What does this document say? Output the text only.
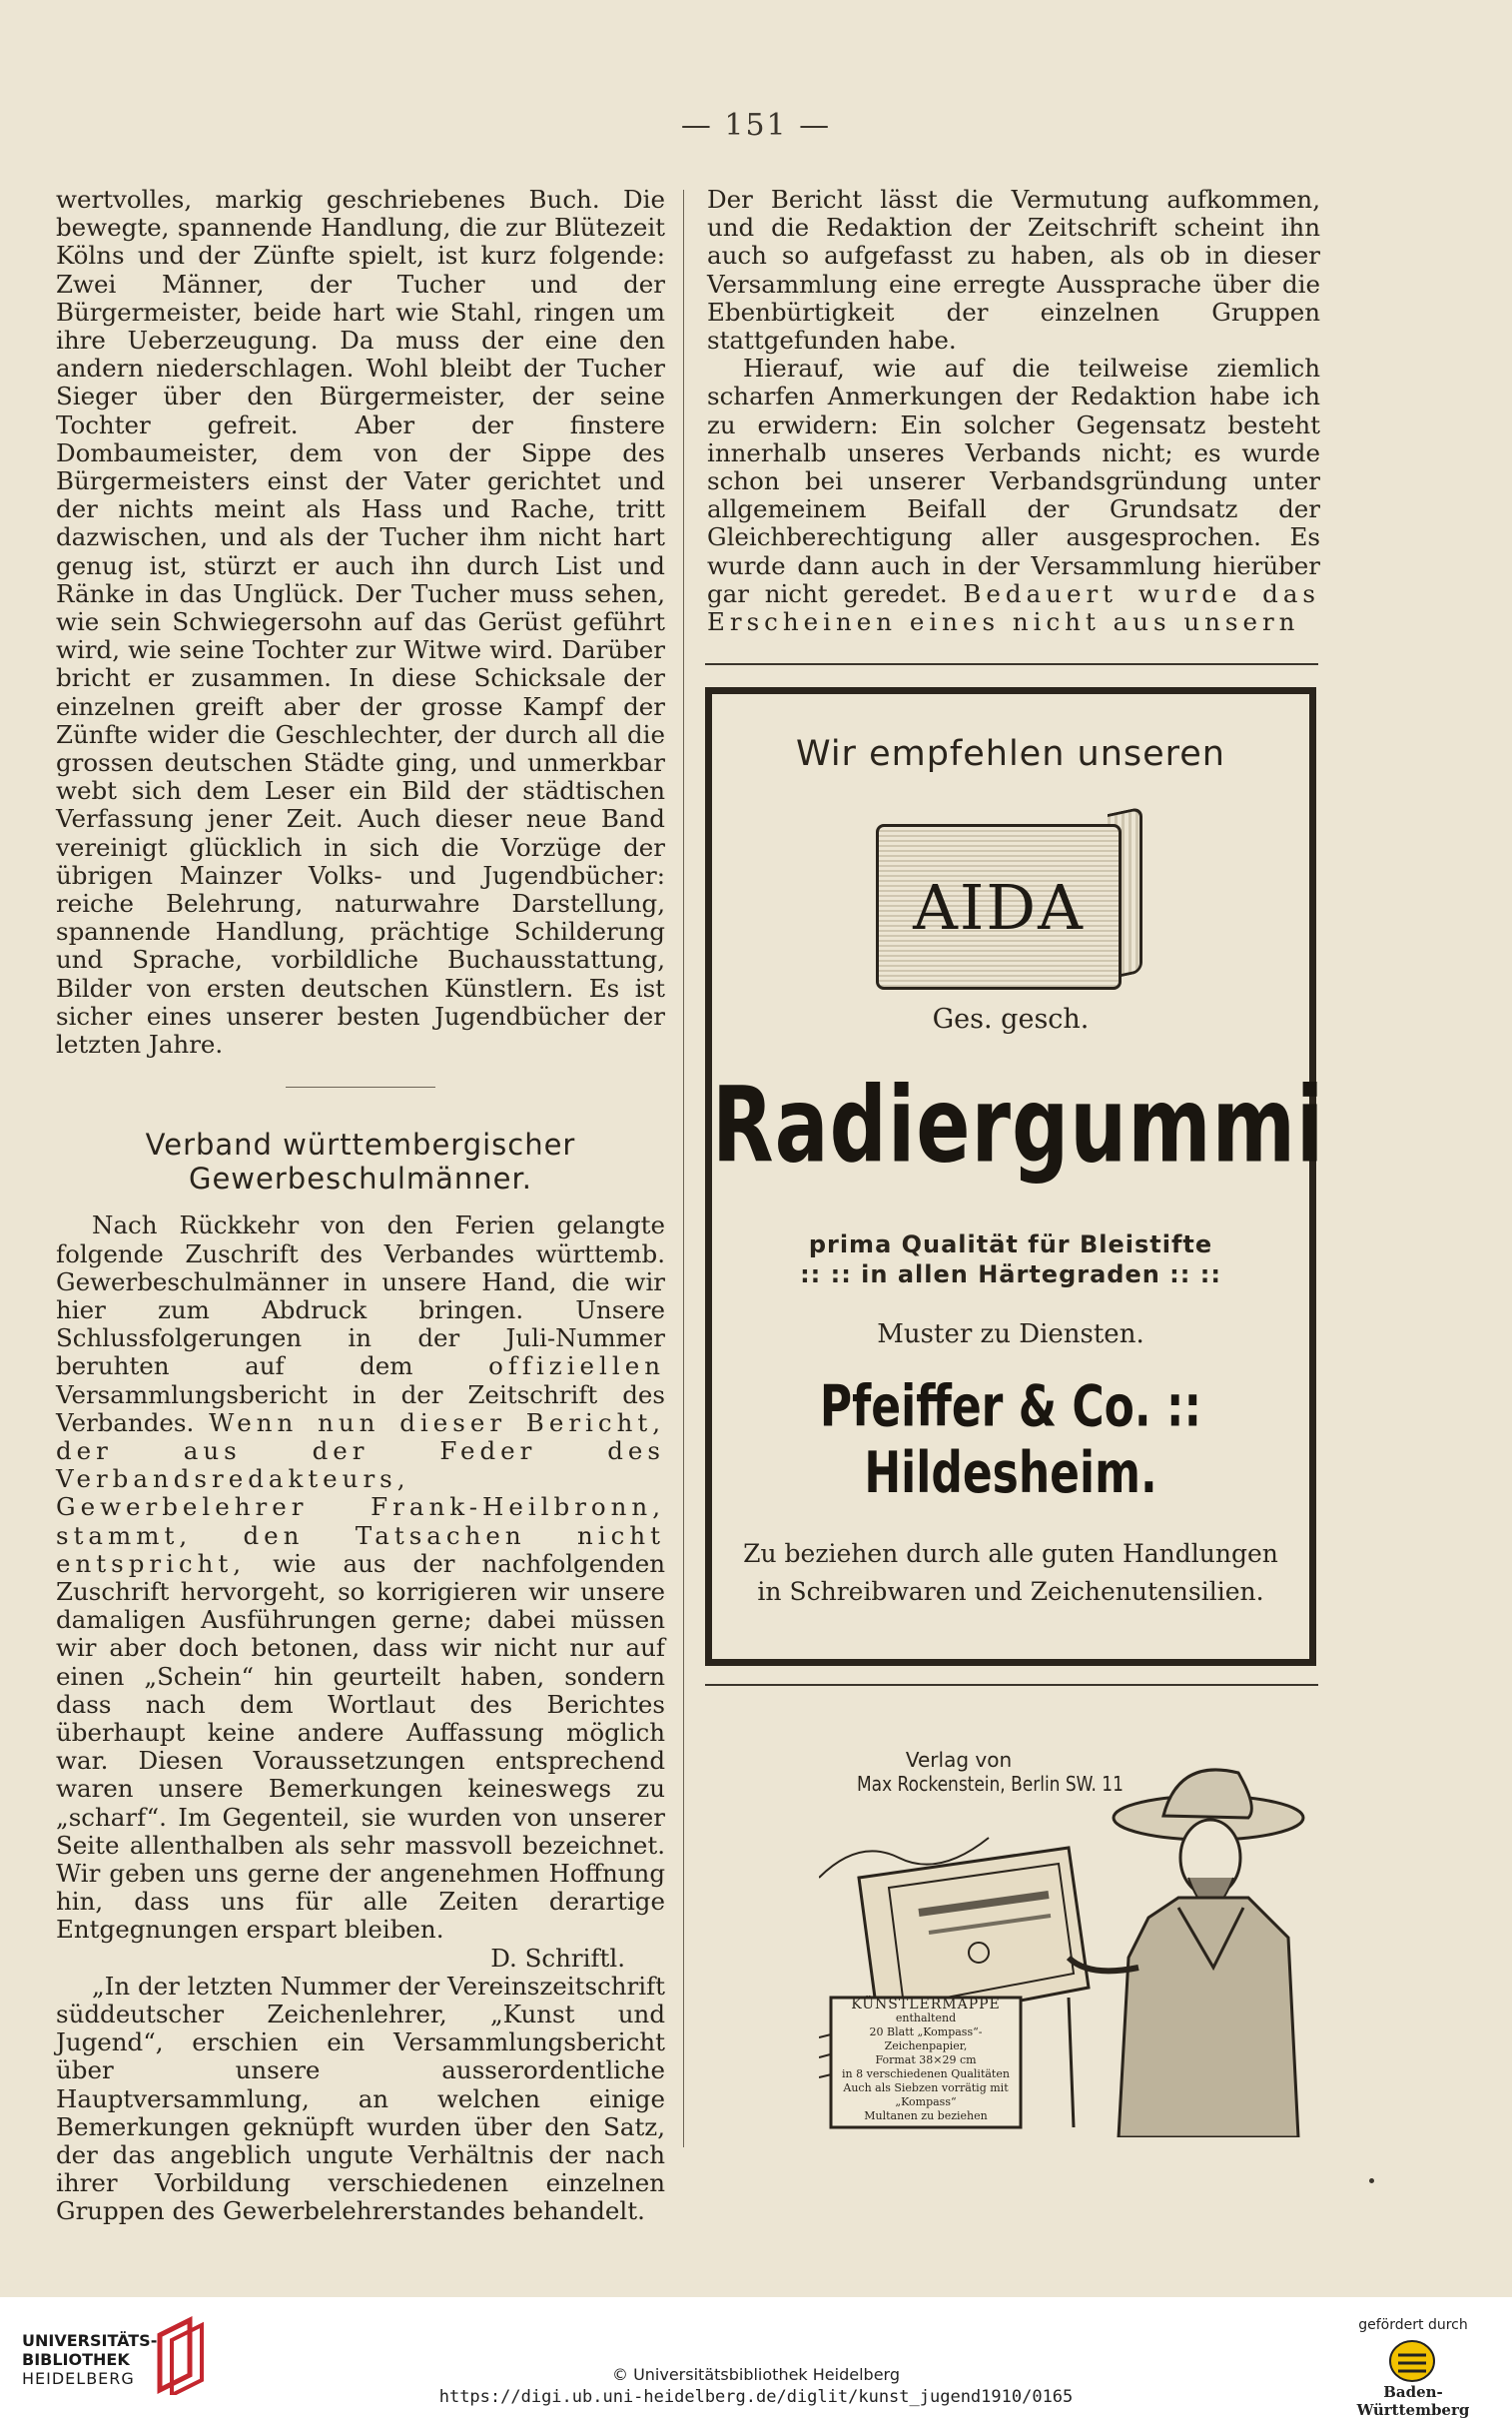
— 151 —

wertvolles, markig geschriebenes Buch. Die bewegte, spannende Handlung, die zur Blütezeit Kölns und der Zünfte spielt, ist kurz folgende: Zwei Männer, der Tucher und der Bürgermeister, beide hart wie Stahl, ringen um ihre Ueberzeugung. Da muss der eine den andern niederschlagen. Wohl bleibt der Tucher Sieger über den Bürgermeister, der seine Tochter gefreit. Aber der finstere Dombaumeister, dem von der Sippe des Bürgermeisters einst der Vater gerichtet und der nichts meint als Hass und Rache, tritt dazwischen, und als der Tucher ihm nicht hart genug ist, stürzt er auch ihn durch List und Ränke in das Unglück. Der Tucher muss sehen, wie sein Schwiegersohn auf das Gerüst geführt wird, wie seine Tochter zur Witwe wird. Darüber bricht er zusammen. In diese Schicksale der einzelnen greift aber der grosse Kampf der Zünfte wider die Geschlechter, der durch all die grossen deutschen Städte ging, und unmerkbar webt sich dem Leser ein Bild der städtischen Verfassung jener Zeit. Auch dieser neue Band vereinigt glücklich in sich die Vorzüge der übrigen Mainzer Volks- und Jugendbücher: reiche Belehrung, naturwahre Darstellung, spannende Handlung, prächtige Schilderung und Sprache, vorbildliche Buchausstattung, Bilder von ersten deutschen Künstlern. Es ist sicher eines unserer besten Jugendbücher der letzten Jahre.

Verband württembergischer Gewerbeschulmänner.

Nach Rückkehr von den Ferien gelangte folgende Zuschrift des Verbandes württemb. Gewerbeschulmänner in unsere Hand, die wir hier zum Abdruck bringen. Unsere Schlussfolgerungen in der Juli-Nummer beruhten auf dem	offiziellen Versammlungsbericht in der Zeitschrift des Verbandes. Wenn nun dieser Bericht, der aus der Feder des Verbandsredakteurs, Gewerbelehrer Frank-Heilbronn, stammt, den Tatsachen nicht entspricht, wie aus der nachfolgenden Zuschrift hervorgeht, so korrigieren wir unsere damaligen Ausführungen gerne; dabei müssen wir aber doch betonen, dass wir nicht nur auf einen „Schein“ hin geurteilt haben, sondern dass nach dem Wortlaut des Berichtes überhaupt keine andere Auffassung möglich war. Diesen Voraussetzungen entsprechend waren unsere Bemerkungen keineswegs zu „scharf“. Im Gegenteil, sie wurden von unserer Seite allenthalben als sehr massvoll bezeichnet. Wir geben uns gerne der angenehmen Hoffnung hin, dass uns für alle Zeiten derartige Entgegnungen erspart bleiben.

D. Schriftl.

„In der letzten Nummer der Vereinszeitschrift süddeutscher Zeichenlehrer, „Kunst und Jugend“, erschien ein Versammlungsbericht über unsere ausserordentliche Hauptversammlung, an welchen einige Bemerkungen geknüpft wurden über den Satz, der das angeblich ungute Verhältnis der nach ihrer Vorbildung verschiedenen einzelnen Gruppen des Gewerbelehrerstandes behandelt.

Der Bericht lässt die Vermutung aufkommen, und die Redaktion der Zeitschrift scheint ihn auch so aufgefasst zu haben, als ob in dieser Versammlung eine erregte Aussprache über die Ebenbürtigkeit der einzelnen Gruppen stattgefunden habe.

Hierauf, wie auf die teilweise ziemlich scharfen Anmerkungen der Redaktion habe ich zu erwidern: Ein solcher Gegensatz besteht innerhalb unseres Verbands nicht; es wurde schon bei unserer Verbandsgründung unter allgemeinem Beifall der Grundsatz der Gleichberechtigung aller ausgesprochen. Es wurde dann auch in der Versammlung hierüber gar nicht geredet. Bedauert wurde das Erscheinen eines nicht aus unsern

Wir empfehlen unseren
AIDA
Ges. gesch.
Radiergummi
prima Qualität für Bleistifte
:: :: in allen Härtegraden :: ::
Muster zu Diensten.
Pfeiffer & Co. :: Hildesheim.
Zu beziehen durch alle guten Handlungen
in Schreibwaren und Zeichenutensilien.
Verlag von
Max Rockenstein, Berlin SW. 11
KÜNSTLERMAPPE
enthaltend
20 Blatt „Kompass“-Zeichenpapier,
Format 38×29 cm
in 8 verschiedenen Qualitäten
Auch als Siebzen vorrätig mit „Kompass“
Multanen zu beziehen
UNIVERSITÄTS-
BIBLIOTHEK
HEIDELBERG	© Universitätsbibliothek Heidelberg
https://digi.ub.uni-heidelberg.de/diglit/kunst_jugend1910/0165
gefördert durch
Baden-Württemberg
